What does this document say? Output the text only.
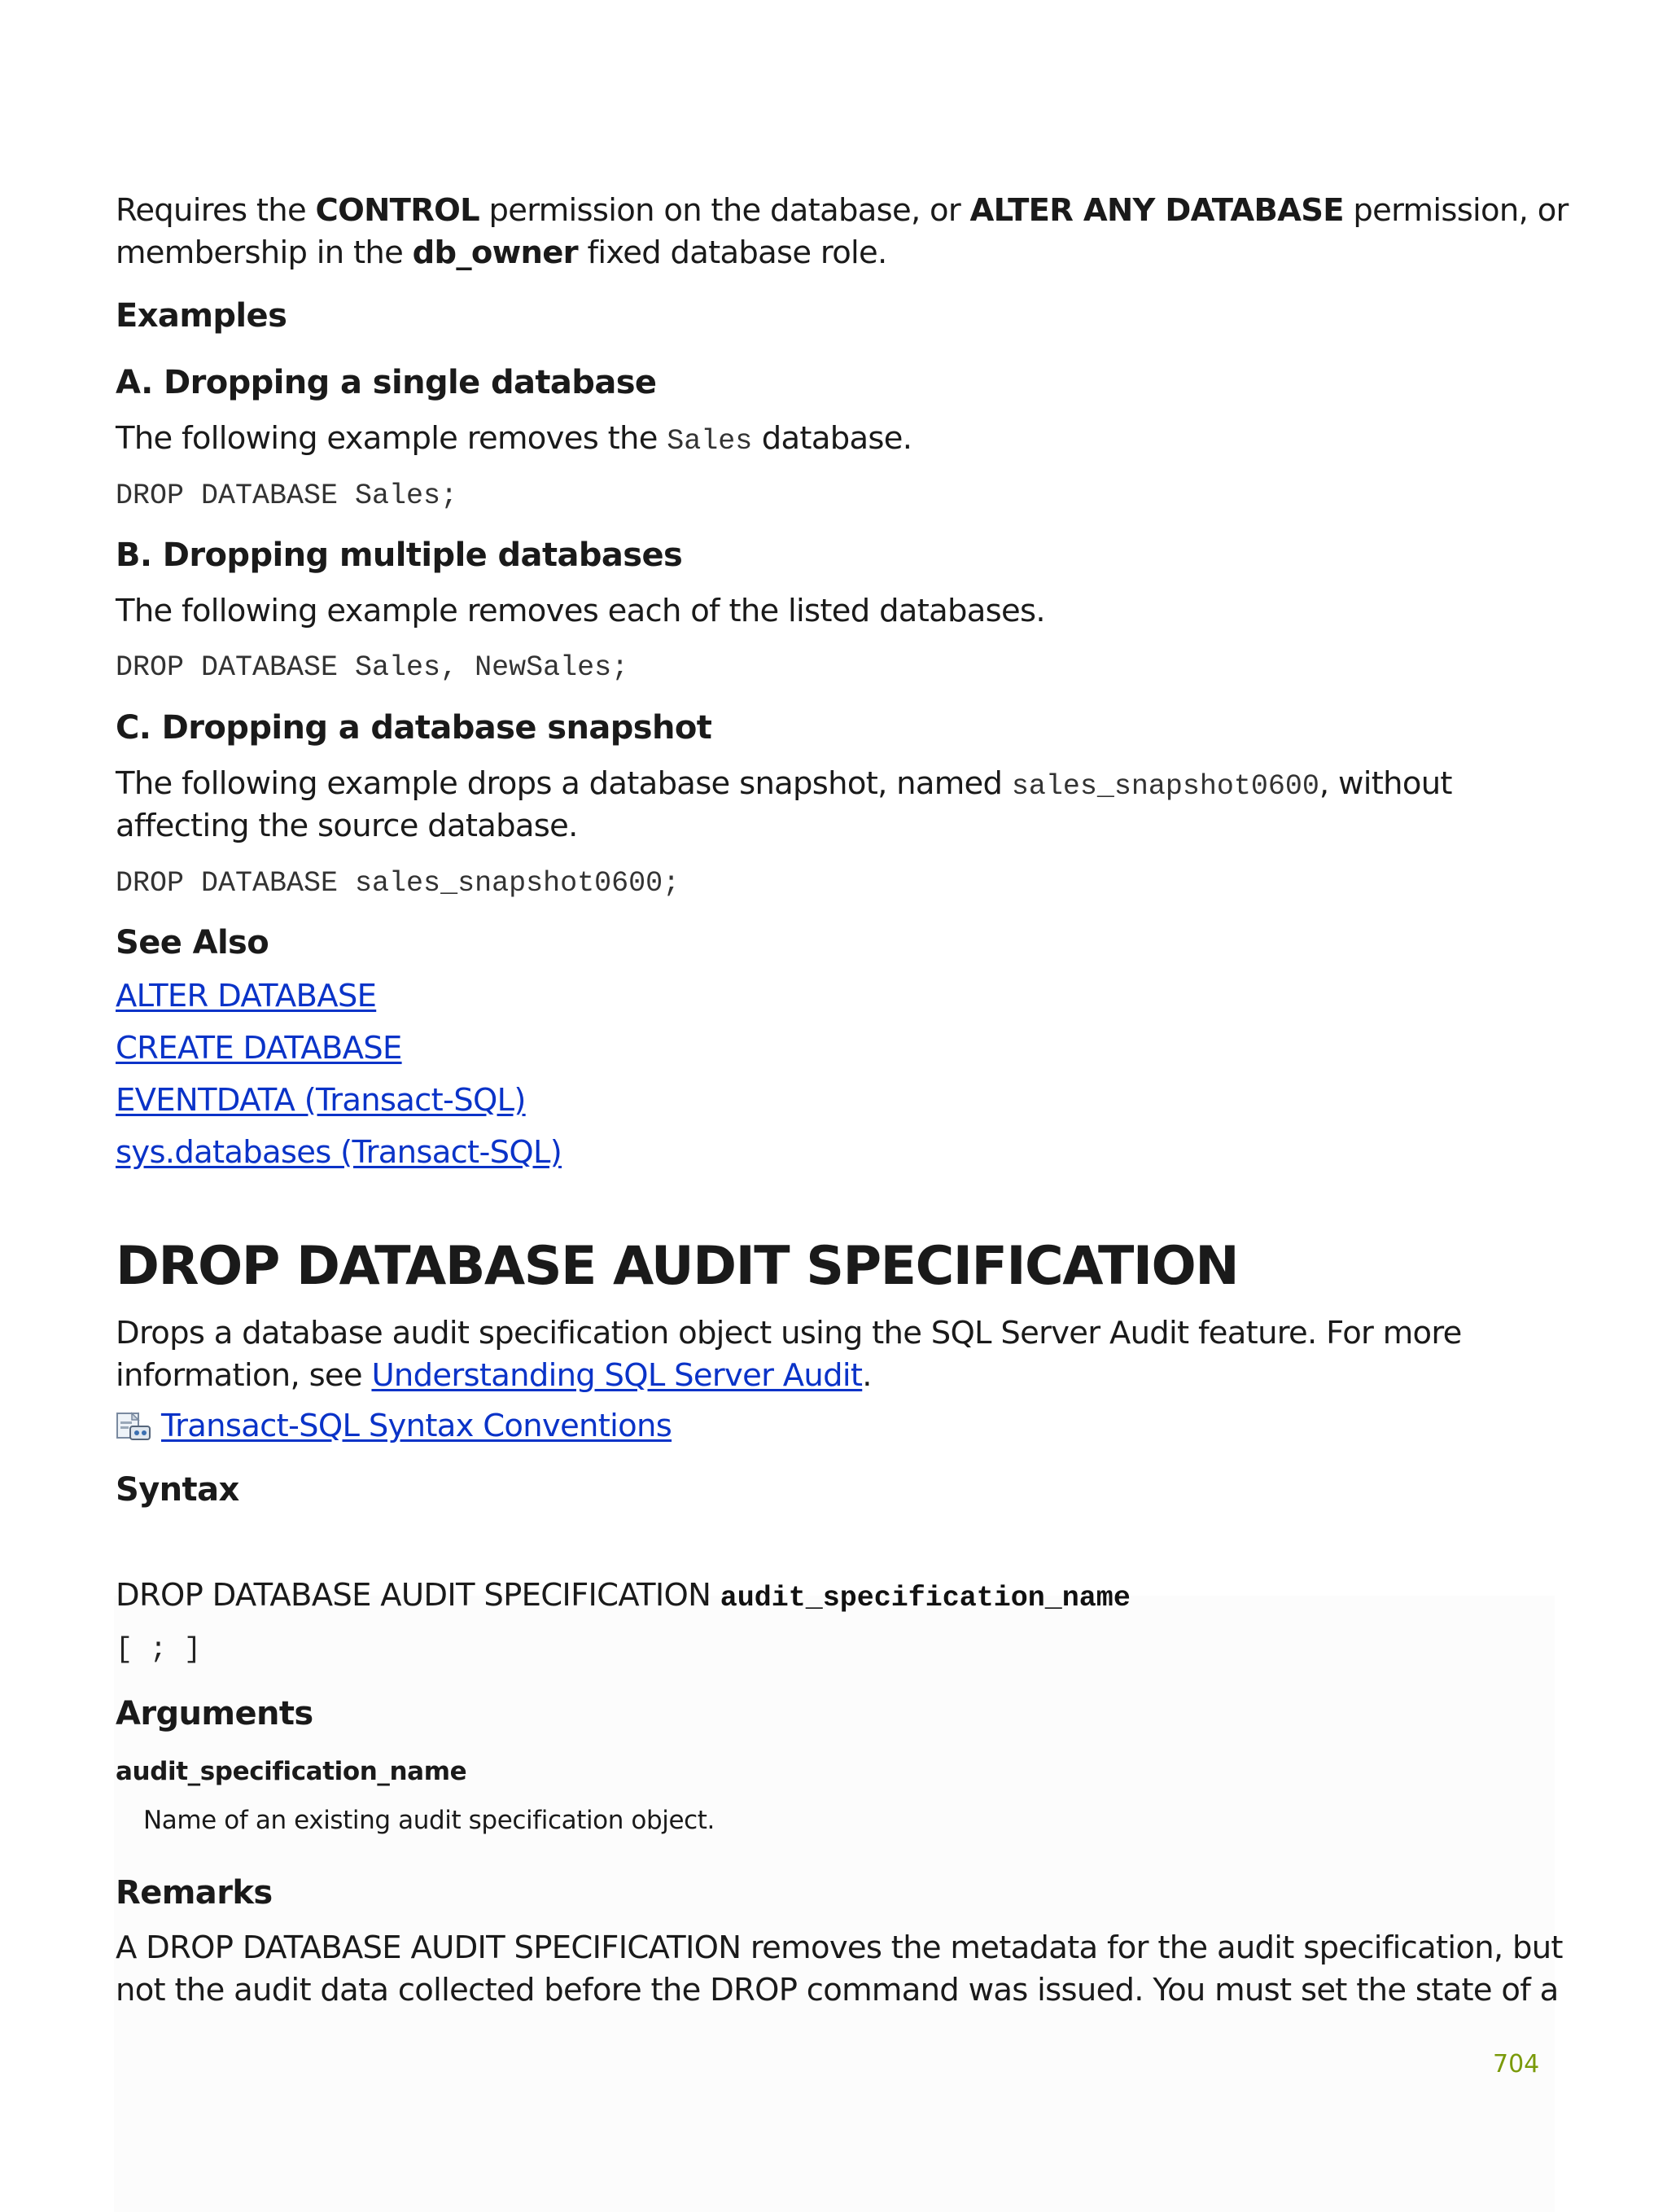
Requires the CONTROL permission on the database, or ALTER ANY DATABASE permission, or
membership in the db_owner fixed database role.
Examples
A. Dropping a single database
The following example removes the Sales database.
DROP DATABASE Sales;
B. Dropping multiple databases
The following example removes each of the listed databases.
DROP DATABASE Sales, NewSales;
C. Dropping a database snapshot
The following example drops a database snapshot, named sales_snapshot0600, without
affecting the source database.
DROP DATABASE sales_snapshot0600;
See Also
ALTER DATABASE
CREATE DATABASE
EVENTDATA (Transact-SQL)
sys.databases (Transact-SQL)
DROP DATABASE AUDIT SPECIFICATION
Drops a database audit specification object using the SQL Server Audit feature. For more
information, see Understanding SQL Server Audit.
Transact-SQL Syntax Conventions
Syntax
DROP DATABASE AUDIT SPECIFICATION audit_specification_name
[ ; ]
Arguments
audit_specification_name
Name of an existing audit specification object.
Remarks
A DROP DATABASE AUDIT SPECIFICATION removes the metadata for the audit specification, but
not the audit data collected before the DROP command was issued. You must set the state of a
704
